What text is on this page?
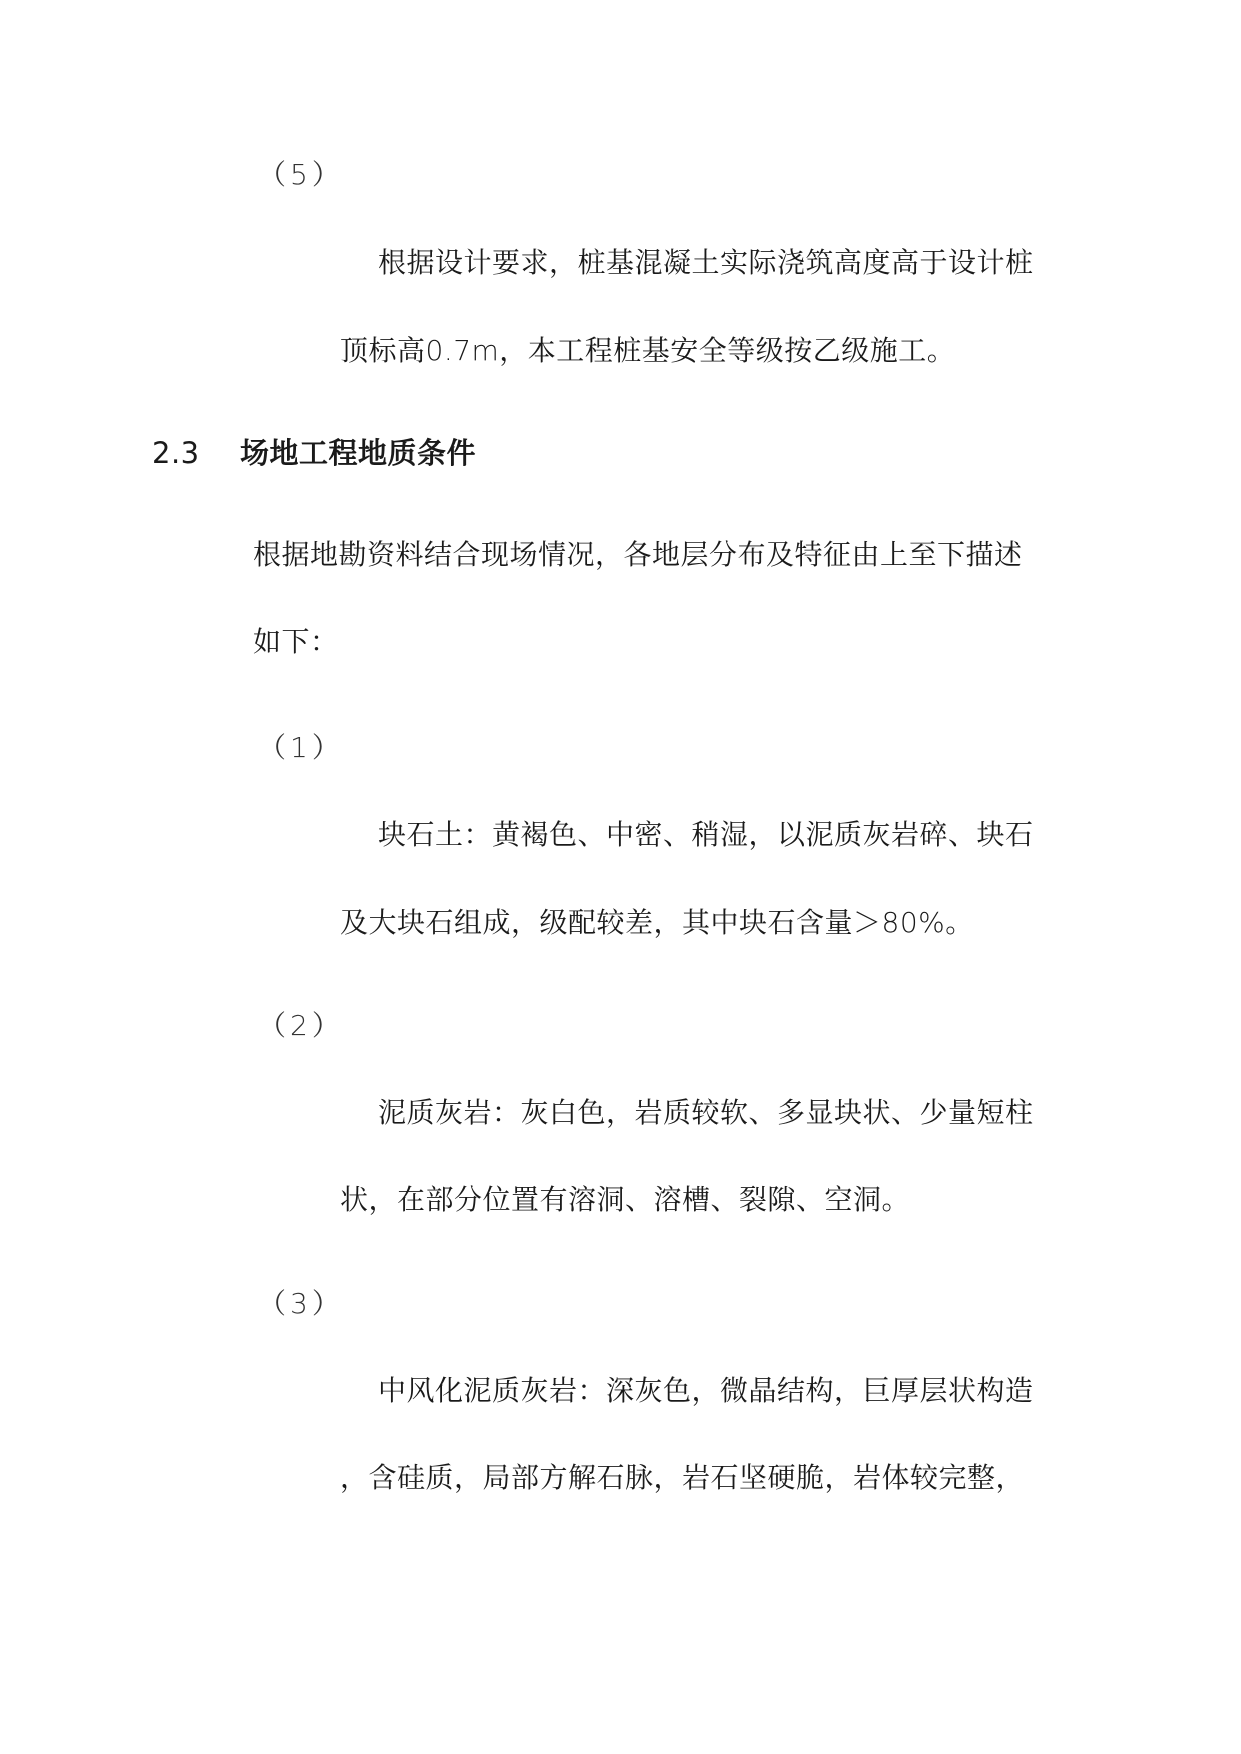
（5）
根据设计要求，桩基混凝土实际浇筑高度高于设计桩
顶标高0.7m，本工程桩基安全等级按乙级施工。
2.3 场地工程地质条件
根据地勘资料结合现场情况，各地层分布及特征由上至下描述
如下：
（1）
块石土：黄褐色、中密、稍湿，以泥质灰岩碎、块石
及大块石组成，级配较差，其中块石含量＞80%。
（2）
泥质灰岩：灰白色，岩质较软、多显块状、少量短柱
状，在部分位置有溶洞、溶槽、裂隙、空洞。
（3）
中风化泥质灰岩：深灰色，微晶结构，巨厚层状构造
，含硅质，局部方解石脉，岩石坚硬脆，岩体较完整，
